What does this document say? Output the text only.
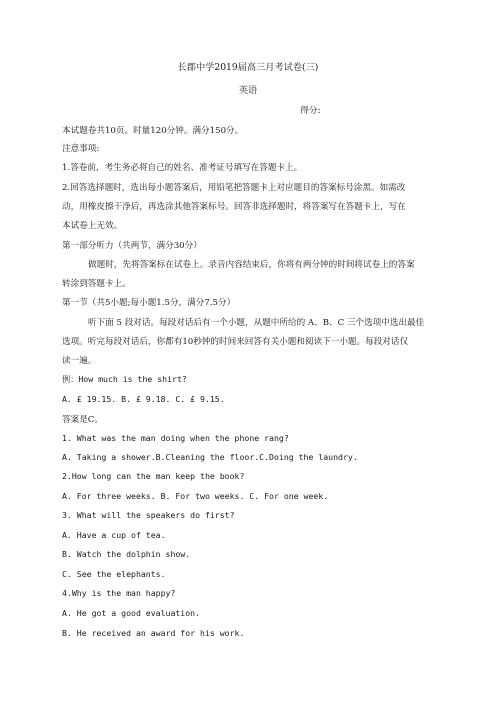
长郡中学2019届高三月考试卷(三)
英语
得分:
本试题卷共10页。时量120分钟。满分150分。
注意事项:
1.答卷前，考生务必将自己的姓名、准考证号填写在答题卡上。
2.回答选择题时，选出每小题答案后，用铅笔把答题卡上对应题目的答案标号涂黑。如需改
动，用橡皮擦干净后，再选涂其他答案标号。回答非选择题时，将答案写在答题卡上，写在
本试卷上无效。
第一部分听力（共两节，满分30分）
做题时，先将答案标在试卷上。录音内容结束后，你将有两分钟的时间将试卷上的答案
转涂到答题卡上。
第一节（共5小题;每小题1.5分，满分7.5分）
听下面 5 段对话。每段对话后有一个小题，从题中所给的 A、B、C 三个选项中选出最佳
选项。听完每段对话后，你都有10秒钟的时间来回答有关小题和阅读下一小题。每段对话仅
读一遍。
例：How much is the shirt?
A. £ 19.15. B. £ 9.18. C. £ 9.15.
答案是C。
1. What was the man doing when the phone rang?
A. Taking a shower.B.Cleaning the floor.C.Doing the laundry.
2.How long can the man keep the book?
A. For three weeks. B. For two weeks. C. For one week.
3. What will the speakers do first?
A. Have a cup of tea.
B. Watch the dolphin show.
C. See the elephants.
4.Why is the man happy?
A. He got a good evaluation.
B. He received an award for his work.
